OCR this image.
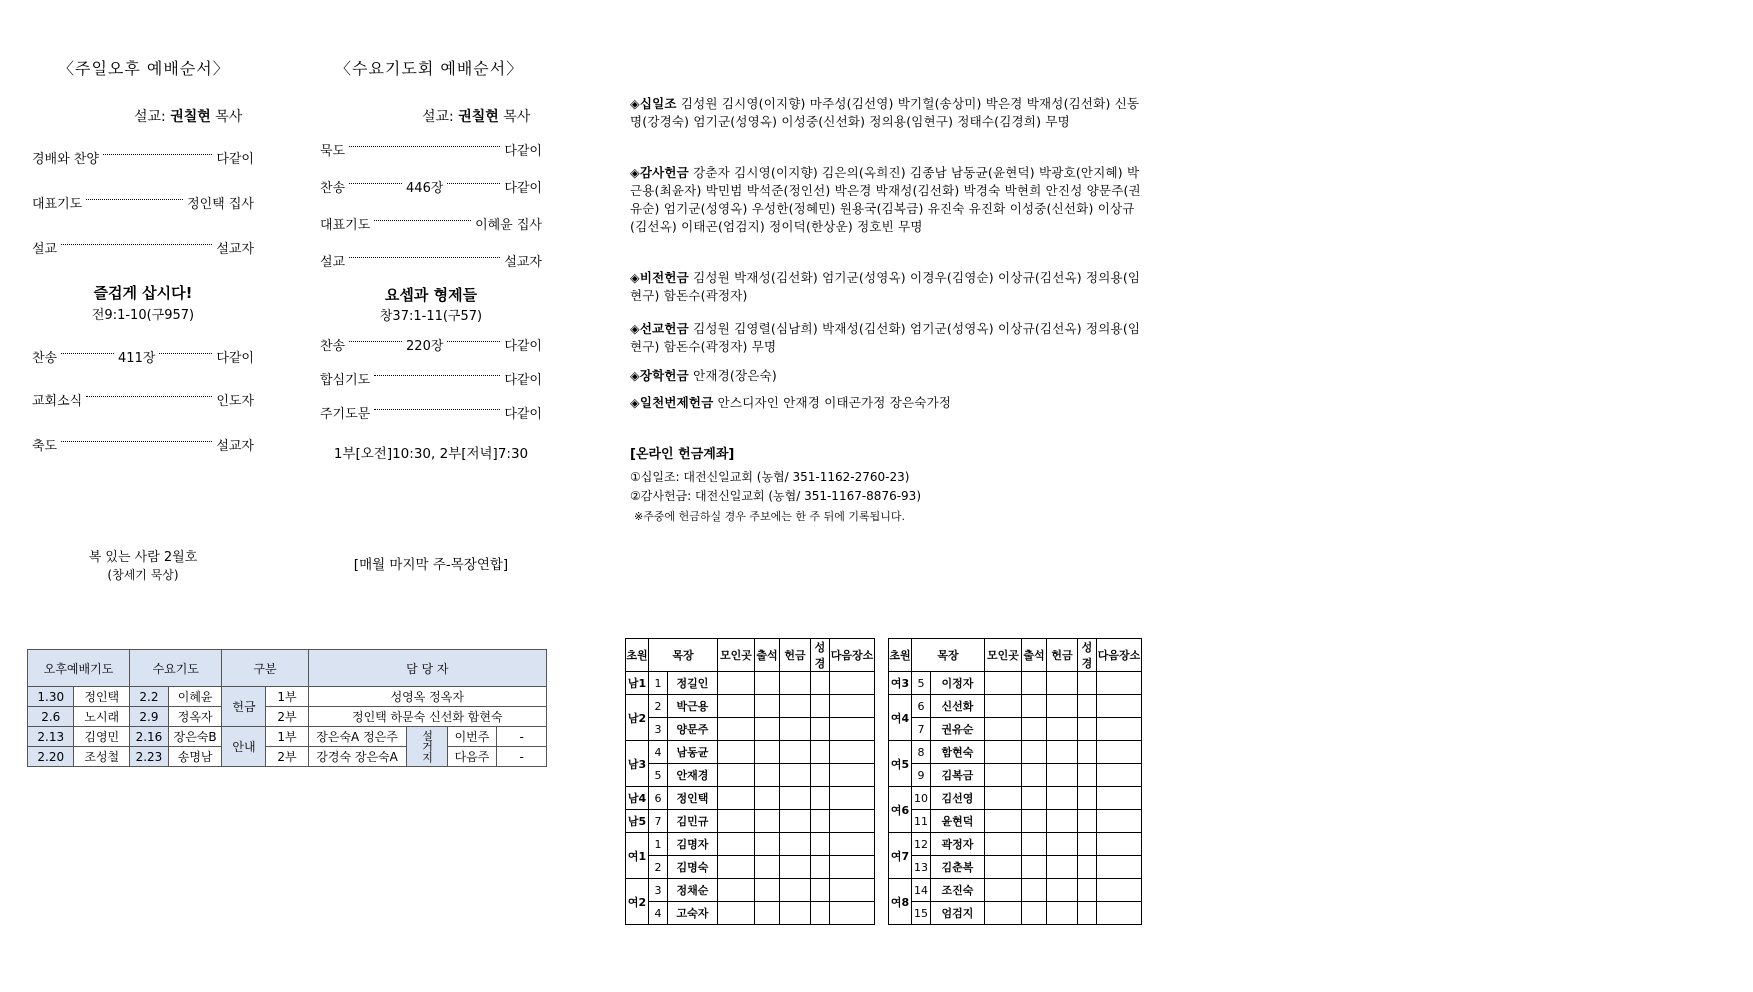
〈주일오후 예배순서〉
설교: 권칠현 목사
경배와 찬양	다같이
대표기도	정인택 집사
설교	설교자
즐겁게 삽시다!
전9:1-10(구957)
찬송	411장	다같이
교회소식	인도자
축도	설교자
복 있는 사람 2월호
(창세기 묵상)
〈수요기도회 예배순서〉
설교: 권칠현 목사
묵도	다같이
찬송	446장	다같이
대표기도	이혜윤 집사
설교	설교자
요셉과 형제들
창37:1-11(구57)
찬송	220장	다같이
합심기도	다같이
주기도문	다같이
1부[오전]10:30, 2부[저녁]7:30
[매월 마지막 주-목장연합]
◈십일조 김성원 김시영(이지향) 마주성(김선영) 박기헐(송상미) 박은경 박재성(김선화) 신동명(강경숙) 엄기군(성영옥) 이성중(신선화) 정의용(임현구) 정태수(김경희) 무명
◈감사헌금 강춘자 김시영(이지향) 김은의(옥희진) 김종남 남동균(윤현덕) 박광호(안지혜) 박근용(최윤자) 박민범 박석준(정인선) 박은경 박재성(김선화) 박경숙 박현희 안진성 양문주(권유순) 엄기군(성영옥) 우성한(정혜민) 원용국(김복금) 유진숙 유진화 이성중(신선화) 이상규(김선옥) 이태곤(엄검지) 정이덕(한상운) 정호빈 무명
◈비전헌금 김성원 박재성(김선화) 엄기군(성영옥) 이경우(김영순) 이상규(김선옥) 정의용(임현구) 함돈수(곽정자)
◈선교헌금 김성원 김영렬(심남희) 박재성(김선화) 엄기군(성영옥) 이상규(김선옥) 정의용(임현구) 함돈수(곽정자) 무명
◈장학헌금 안재경(장은숙)
◈일천번제헌금 안스디자인 안재경 이태곤가정 장은숙가정
[온라인 헌금계좌]
①십일조: 대전신일교회 (농협/ 351-1162-2760-23)
②감사헌금: 대전신일교회 (농협/ 351-1167-8876-93)
※주중에 헌금하실 경우 주보에는 한 주 뒤에 기록됩니다.
오후예배기도		수요기도		구분		담 당 자			
1.30	정인택	2.2	이혜윤	헌금	1부	성영옥 정옥자			
2.6	노시래	2.9	정옥자		2부	정인택 하문숙 신선화 함현숙			
2.13	김영민	2.16	장은숙B	안내	1부	장은숙A 정은주	설거지	이번주	-
2.20	조성철	2.23	송명남		2부	강경숙 장은숙A		다음주	-
초원	목장		모인곳	출석	헌금	성경	다음장소
남1	1	정길인					
남2	2	박근용					
	3	양문주					
남3	4	남동균					
	5	안재경					
남4	6	정인택					
남5	7	김민규					
여1	1	김명자					
	2	김명숙					
여2	3	정채순					
	4	고숙자					
초원	목장		모인곳	출석	헌금	성경	다음장소
여3	5	이정자					
여4	6	신선화					
	7	권유순					
여5	8	함현숙					
	9	김복금					
여6	10	김선영					
	11	윤현덕					
여7	12	곽정자					
	13	김춘복					
여8	14	조진숙					
	15	엄검지					
